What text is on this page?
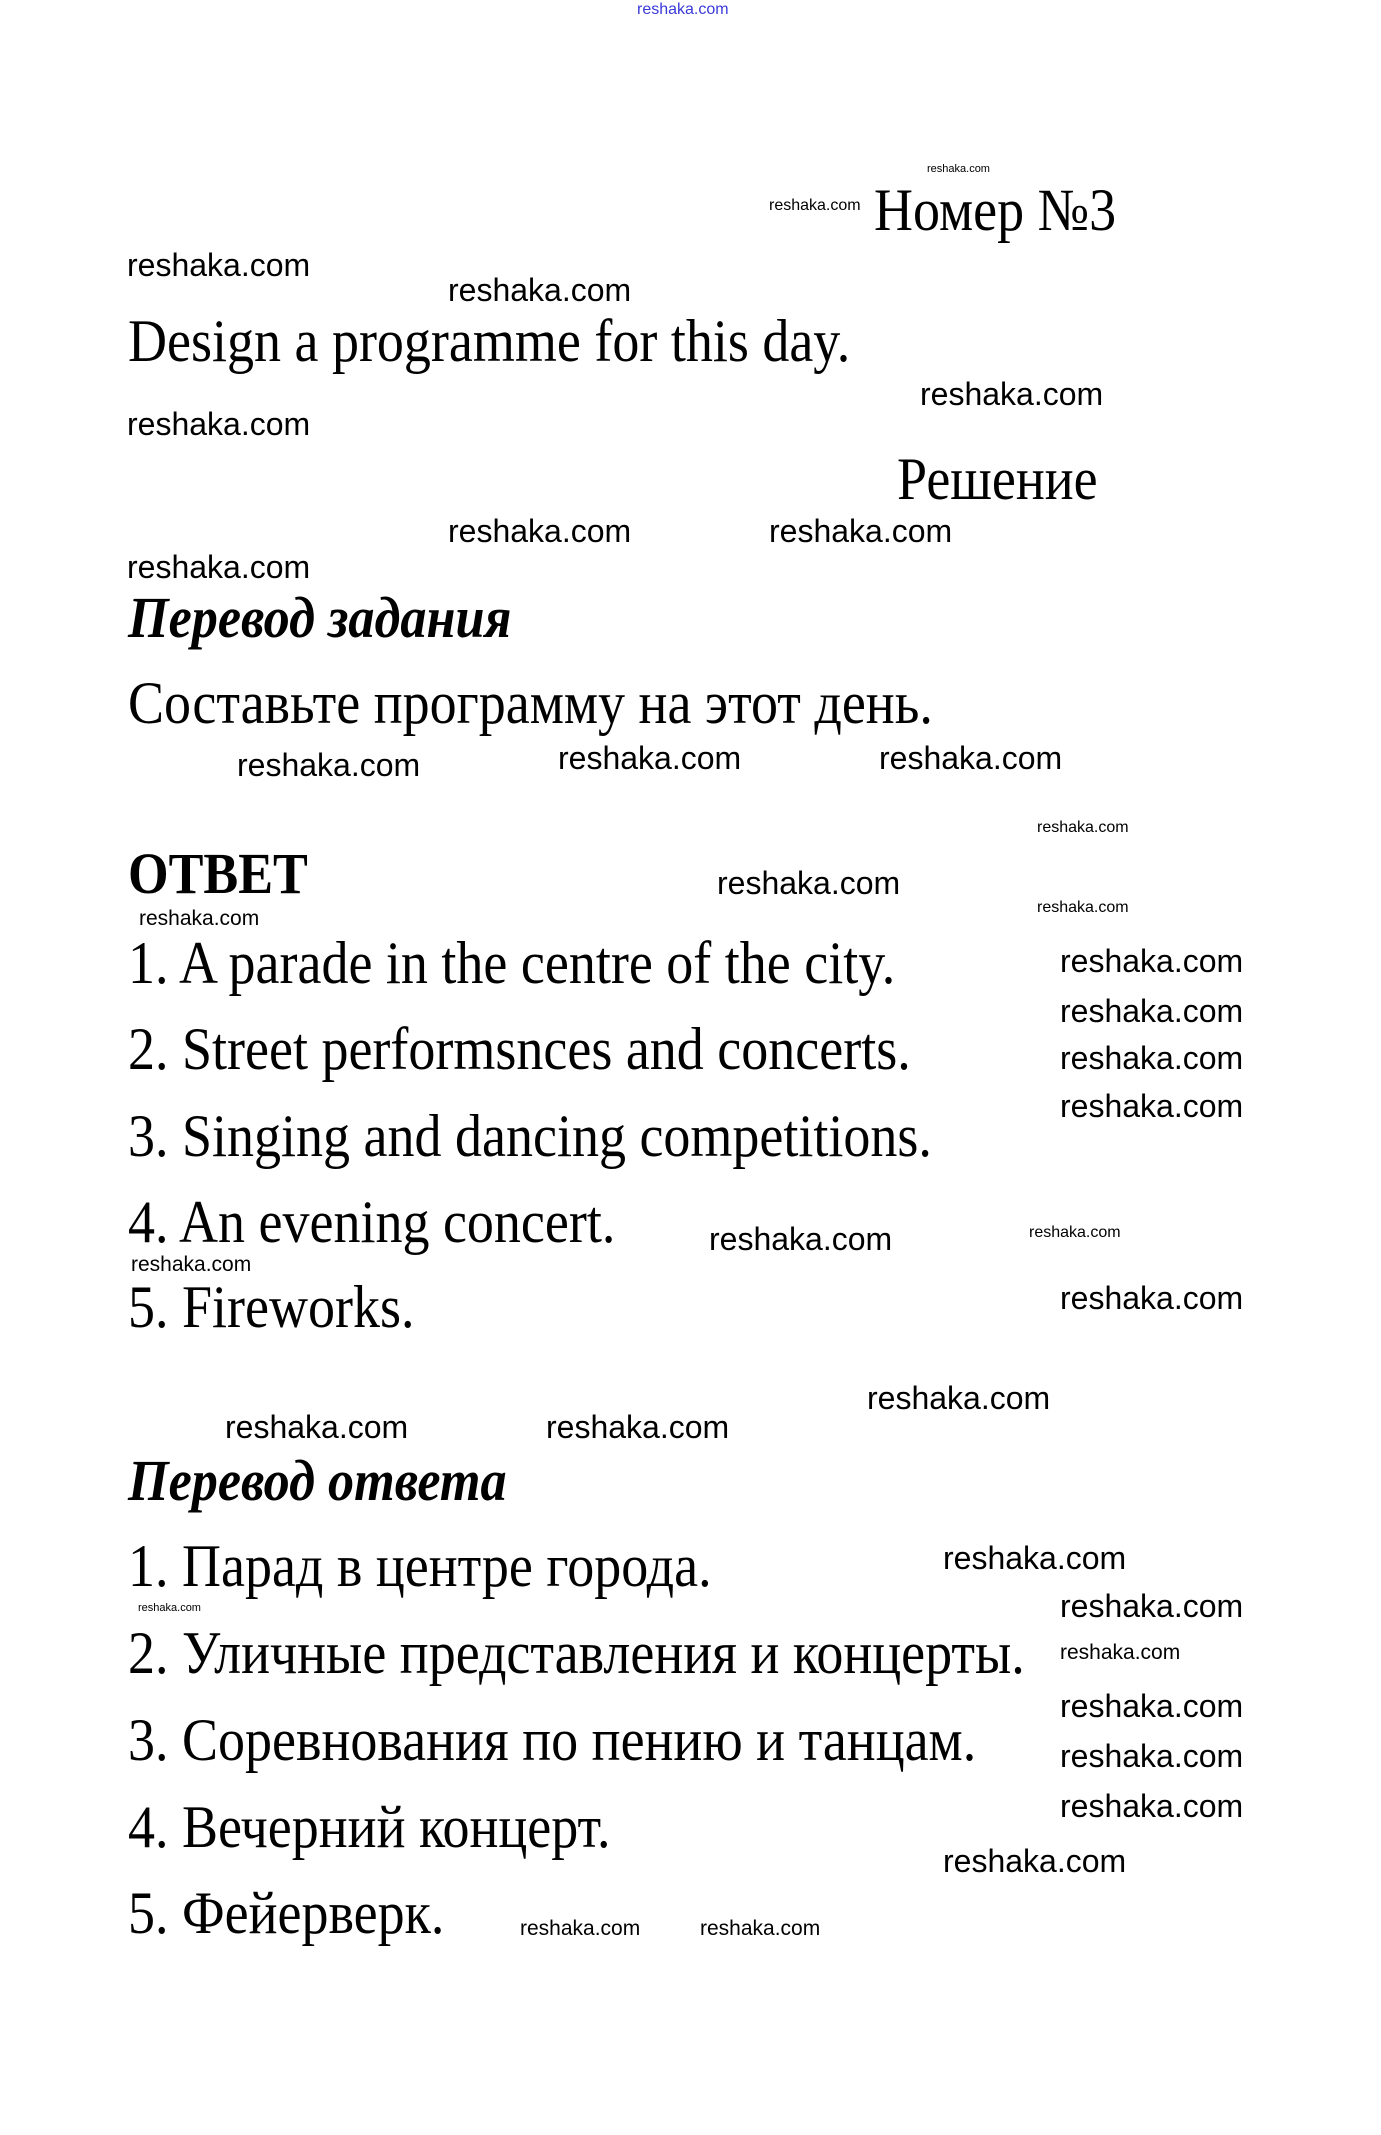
reshaka.com
Номер №3
Design a programme for this day.
Решение
Перевод задания
Составьте программу на этот день.
ОТВЕТ
1. A parade in the centre of the city.
2. Street performsnces and concerts.
3. Singing and dancing competitions.
4. An evening concert.
5. Fireworks.
Перевод ответа
1. Парад в центре города.
2. Уличные представления и концерты.
3. Соревнования по пению и танцам.
4. Вечерний концерт.
5. Фейерверк.
reshaka.com
reshaka.com
reshaka.com
reshaka.com
reshaka.com
reshaka.com
reshaka.com	reshaka.com
reshaka.com
reshaka.com	reshaka.com
reshaka.com
reshaka.com
reshaka.com
reshaka.com
reshaka.com
reshaka.com
reshaka.com
reshaka.com
reshaka.com
reshaka.com	reshaka.com
reshaka.com
reshaka.com
reshaka.com
reshaka.com	reshaka.com
reshaka.com
reshaka.com	reshaka.com
reshaka.com
reshaka.com
reshaka.com
reshaka.com
reshaka.com
reshaka.com	reshaka.com
